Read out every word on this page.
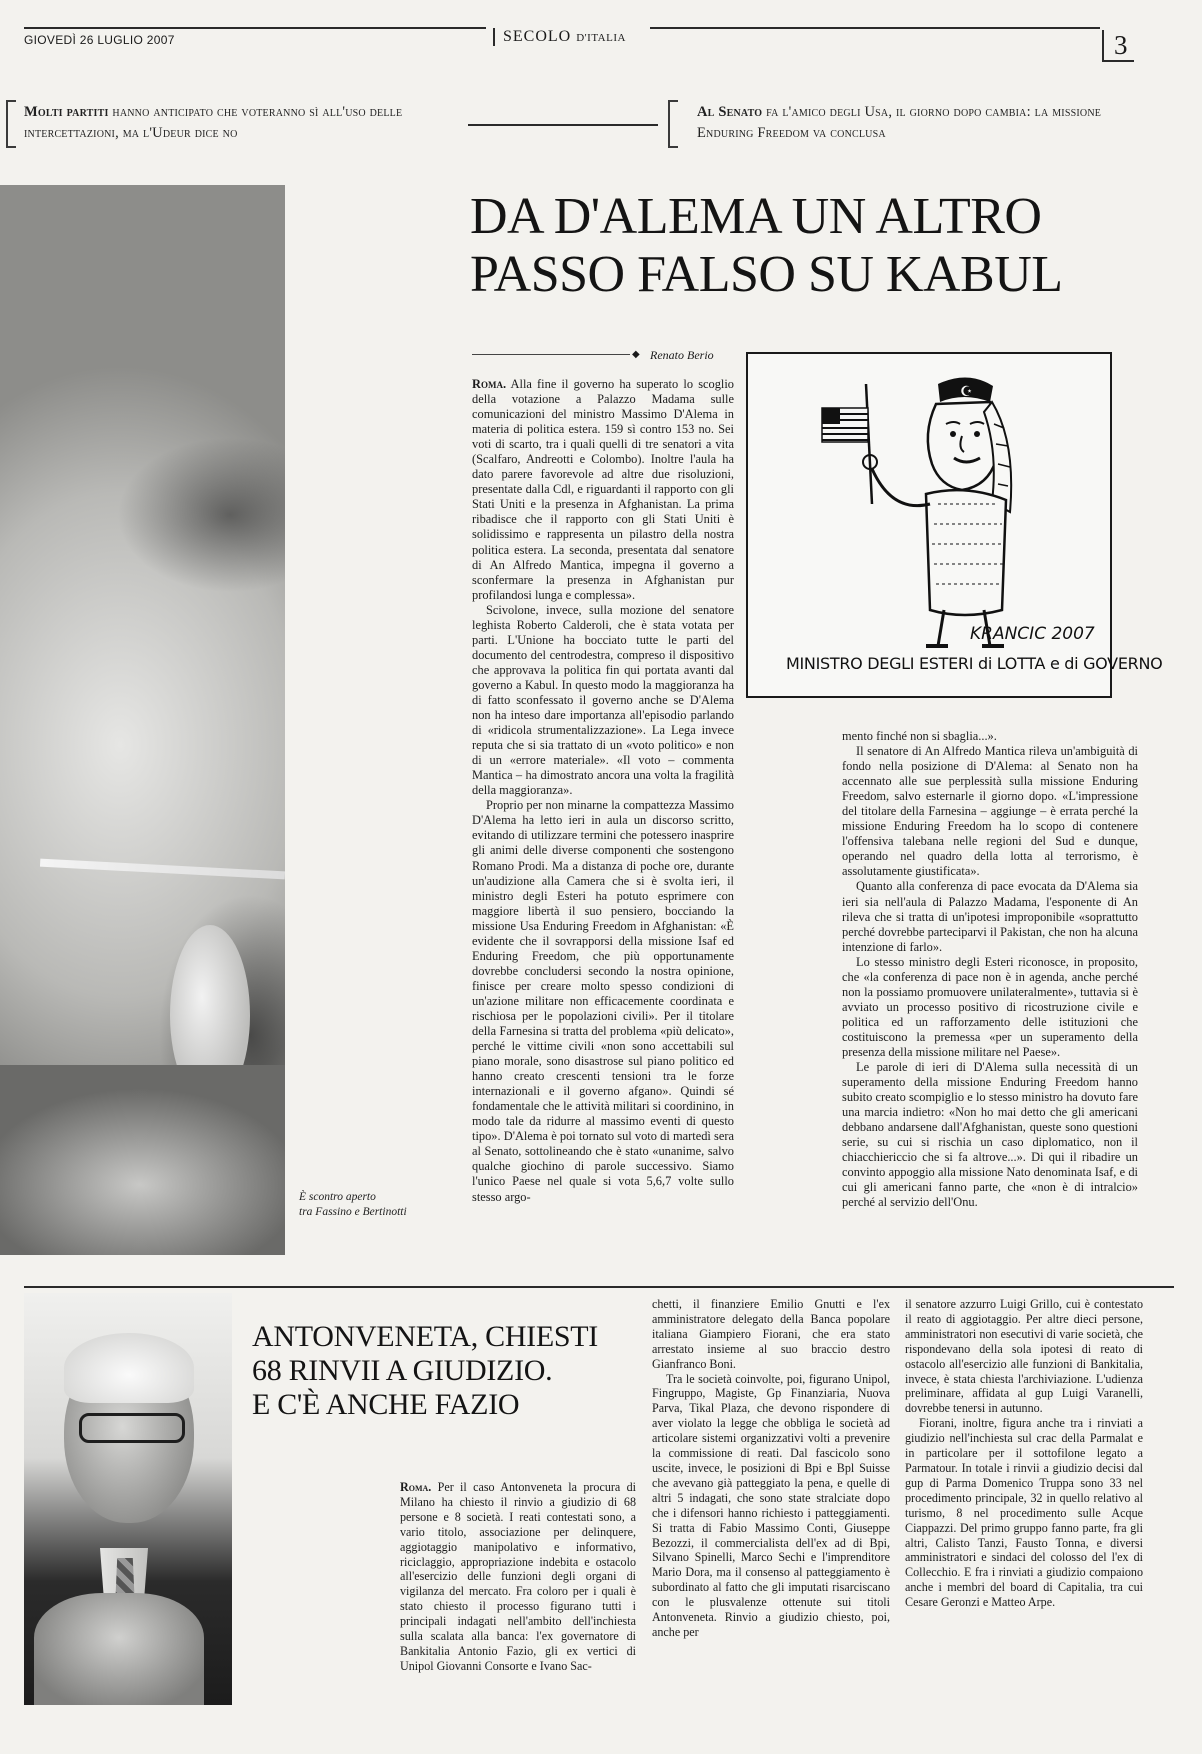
GIOVEDÌ 26 LUGLIO 2007	SECOLO D'ITALIA	3
Molti partiti hanno anticipato che voteranno sì all'uso delle intercettazioni, ma l'Udeur dice no
Al Senato fa l'amico degli Usa, il giorno dopo cambia: la missione Enduring Freedom va conclusa
È scontro aperto
tra Fassino e Bertinotti
DA D'ALEMA UN ALTRO
PASSO FALSO SU KABUL
◆ Renato Berio

Roma. Alla fine il governo ha superato lo scoglio della votazione a Palazzo Madama sulle comunicazioni del ministro Massimo D'Alema in materia di politica estera. 159 sì contro 153 no. Sei voti di scarto, tra i quali quelli di tre senatori a vita (Scalfaro, Andreotti e Colombo). Inoltre l'aula ha dato parere favorevole ad altre due risoluzioni, presentate dalla Cdl, e riguardanti il rapporto con gli Stati Uniti e la presenza in Afghanistan. La prima ribadisce che il rapporto con gli Stati Uniti è solidissimo e rappresenta un pilastro della nostra politica estera. La seconda, presentata dal senatore di An Alfredo Mantica, impegna il governo a sconfermare la presenza in Afghanistan pur profilandosi lunga e complessa».

Scivolone, invece, sulla mozione del senatore leghista Roberto Calderoli, che è stata votata per parti. L'Unione ha bocciato tutte le parti del documento del centrodestra, compreso il dispositivo che approvava la politica fin qui portata avanti dal governo a Kabul. In questo modo la maggioranza ha di fatto sconfessato il governo anche se D'Alema non ha inteso dare importanza all'episodio parlando di «ridicola strumentalizzazione». La Lega invece reputa che si sia trattato di un «voto politico» e non di un «errore materiale». «Il voto – commenta Mantica – ha dimostrato ancora una volta la fragilità della maggioranza».

Proprio per non minarne la compattezza Massimo D'Alema ha letto ieri in aula un discorso scritto, evitando di utilizzare termini che potessero inasprire gli animi delle diverse componenti che sostengono Romano Prodi. Ma a distanza di poche ore, durante un'audizione alla Camera che si è svolta ieri, il ministro degli Esteri ha potuto esprimere con maggiore libertà il suo pensiero, bocciando la missione Usa Enduring Freedom in Afghanistan: «È evidente che il sovrapporsi della missione Isaf ed Enduring Freedom, che più opportunamente dovrebbe concludersi secondo la nostra opinione, finisce per creare molto spesso condizioni di un'azione militare non efficacemente coordinata e rischiosa per le popolazioni civili». Per il titolare della Farnesina si tratta del problema «più delicato», perché le vittime civili «non sono accettabili sul piano morale, sono disastrose sul piano politico ed hanno creato crescenti tensioni tra le forze internazionali e il governo afgano». Quindi sé fondamentale che le attività militari si coordinino, in modo tale da ridurre al massimo eventi di questo tipo». D'Alema è poi tornato sul voto di martedì sera al Senato, sottolineando che è stato «unanime, salvo qualche giochino di parole successivo. Siamo l'unico Paese nel quale si vota 5,6,7 volte sullo stesso argo-

mento finché non si sbaglia...».

Il senatore di An Alfredo Mantica rileva un'ambiguità di fondo nella posizione di D'Alema: al Senato non ha accennato alle sue perplessità sulla missione Enduring Freedom, salvo esternarle il giorno dopo. «L'impressione del titolare della Farnesina – aggiunge – è errata perché la missione Enduring Freedom ha lo scopo di contenere l'offensiva talebana nelle regioni del Sud e dunque, operando nel quadro della lotta al terrorismo, è assolutamente giustificata».

Quanto alla conferenza di pace evocata da D'Alema sia ieri sia nell'aula di Palazzo Madama, l'esponente di An rileva che si tratta di un'ipotesi improponibile «soprattutto perché dovrebbe parteciparvi il Pakistan, che non ha alcuna intenzione di farlo».

Lo stesso ministro degli Esteri riconosce, in proposito, che «la conferenza di pace non è in agenda, anche perché non la possiamo promuovere unilateralmente», tuttavia si è avviato un processo positivo di ricostruzione civile e politica ed un rafforzamento delle istituzioni che costituiscono la premessa «per un superamento della presenza della missione militare nel Paese».

Le parole di ieri di D'Alema sulla necessità di un superamento della missione Enduring Freedom hanno subito creato scompiglio e lo stesso ministro ha dovuto fare una marcia indietro: «Non ho mai detto che gli americani debbano andarsene dall'Afghanistan, queste sono questioni serie, su cui si rischia un caso diplomatico, non il chiacchiericcio che si fa altrove...». Di qui il ribadire un convinto appoggio alla missione Nato denominata Isaf, e di cui gli americani fanno parte, che «non è di intralcio» perché al servizio dell'Onu.

☪
KRANCIC 2007
MINISTRO DEGLI ESTERI di LOTTA e di GOVERNO
ANTONVENETA, CHIESTI
68 RINVII A GIUDIZIO.
E C'È ANCHE FAZIO

Roma. Per il caso Antonveneta la procura di Milano ha chiesto il rinvio a giudizio di 68 persone e 8 società. I reati contestati sono, a vario titolo, associazione per delinquere, aggiotaggio manipolativo e informativo, riciclaggio, appropriazione indebita e ostacolo all'esercizio delle funzioni degli organi di vigilanza del mercato. Fra coloro per i quali è stato chiesto il processo figurano tutti i principali indagati nell'ambito dell'inchiesta sulla scalata alla banca: l'ex governatore di Bankitalia Antonio Fazio, gli ex vertici di Unipol Giovanni Consorte e Ivano Sac-

chetti, il finanziere Emilio Gnutti e l'ex amministratore delegato della Banca popolare italiana Giampiero Fiorani, che era stato arrestato insieme al suo braccio destro Gianfranco Boni.

Tra le società coinvolte, poi, figurano Unipol, Fingruppo, Magiste, Gp Finanziaria, Nuova Parva, Tikal Plaza, che devono rispondere di aver violato la legge che obbliga le società ad articolare sistemi organizzativi volti a prevenire la commissione di reati. Dal fascicolo sono uscite, invece, le posizioni di Bpi e Bpl Suisse che avevano già patteggiato la pena, e quelle di altri 5 indagati, che sono state stralciate dopo che i difensori hanno richiesto i patteggiamenti. Si tratta di Fabio Massimo Conti, Giuseppe Bezozzi, il commercialista dell'ex ad di Bpi, Silvano Spinelli, Marco Sechi e l'imprenditore Mario Dora, ma il consenso al patteggiamento è subordinato al fatto che gli imputati risarciscano con le plusvalenze ottenute sui titoli Antonveneta. Rinvio a giudizio chiesto, poi, anche per

il senatore azzurro Luigi Grillo, cui è contestato il reato di aggiotaggio. Per altre dieci persone, amministratori non esecutivi di varie società, che rispondevano della sola ipotesi di reato di ostacolo all'esercizio alle funzioni di Bankitalia, invece, è stata chiesta l'archiviazione. L'udienza preliminare, affidata al gup Luigi Varanelli, dovrebbe tenersi in autunno.

Fiorani, inoltre, figura anche tra i rinviati a giudizio nell'inchiesta sul crac della Parmalat e in particolare per il sottofilone legato a Parmatour. In totale i rinvii a giudizio decisi dal gup di Parma Domenico Truppa sono 33 nel procedimento principale, 32 in quello relativo al turismo, 8 nel procedimento sulle Acque Ciappazzi. Del primo gruppo fanno parte, fra gli altri, Calisto Tanzi, Fausto Tonna, e diversi amministratori e sindaci del colosso del l'ex di Collecchio. E fra i rinviati a giudizio compaiono anche i membri del board di Capitalia, tra cui Cesare Geronzi e Matteo Arpe.
